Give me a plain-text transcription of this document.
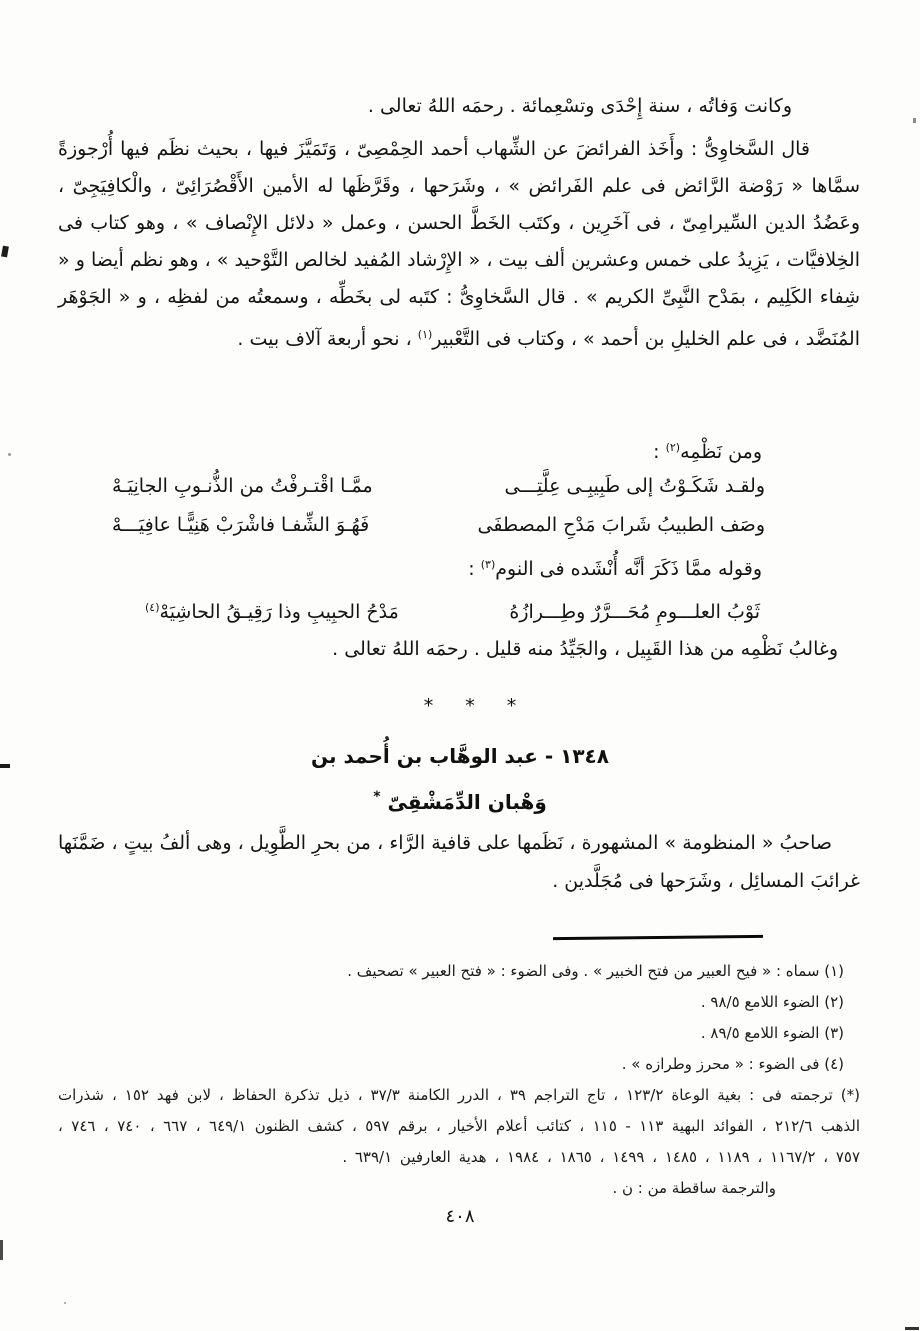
وكانت وَفاتُه ، سنة إِحْدَى وتسْعِمائة . رحمَه اللهُ تعالى .

قال السَّخاوِىُّ : وأَخَذ الفرائضَ عن الشِّهاب أحمد الحِمْصِىّ ، وَتَمَيَّزَ فيها ، بحيث نظَم فيها أُرْجوزةً سمَّاها « رَوْضة الرَّائض فى علم الفَرائض » ، وشَرَحها ، وقَرَّظَها له الأمين الأَقْصُرَائِىّ ، والْكافِيَجِىّ ، وعَضُدُ الدين السِّيرامِىّ ، فى آخَرِين ، وكتَب الخَطَّ الحسن ، وعمل « دلائل الإِنْصاف » ، وهو كتاب فى الخِلافيَّات ، يَزِيدُ على خمس وعشرين ألف بيت ، « الإِرْشاد المُفيد لخالص التَّوْحيد » ، وهو نظم أيضا و « شِفاء الكَلِيم ، بمَدْح النَّبِىِّ الكريم » . قال السَّخاوِىُّ : كتَبه لى بخَطِّه ، وسمعتُه من لفظِه ، و « الجَوْهَر المُنَضَّد ، فى علم الخليلِ بن أحمد » ، وكتاب فى التَّعْبير$^{(١)}$ ، نحو أربعة آلاف بيت .

ومن نَظْمِه$^{(٢)}$ :

ولقـد شَكَـوْتُ إلى طَبِيبِـى عِلَّتِـــى
ممَّـا اقْتـرفْتُ من الذُّنـوبِ الجانِيَـهْ
وصَف الطبيبُ شَرابَ مَدْحِ المصطفَى
فَهُـوَ الشِّفـا فاشْرَبْ هَنِيًّـا عافِيَـــهْ

وقوله ممَّا ذَكَرَ أنَّه أُنْشَده فى النوم$^{(٣)}$ :

ثَوْبُ العلـــومِ مُحَـــرَّرٌ وطِـــرازُهُ
مَدْحُ الحبِيبِ وذا رَقِيـقُ الحاشِيَهْ$^{(٤)}$

وغالبُ نَظْمِه من هذا القَبِيل ، والجَيِّدُ منه قليل . رحمَه اللهُ تعالى .

* * *
١٣٤٨ - عبد الوهَّاب بن أُحمد بن
وَهْبان الدِّمَشْقِىّ *

صاحبُ « المنظومة » المشهورة ، نَظَمها على قافية الرَّاء ، من بحرِ الطَّوِيل ، وهى ألفُ بيتٍ ، ضَمَّنَها غرائبَ المسائِل ، وشَرَحها فى مُجَلَّدين .

(١) سماه : « فيح العبير من فتح الخبير » . وفى الضوء : « فتح العبير » تصحيف .

(٢) الضوء اللامع ٩٨/٥ .

(٣) الضوء اللامع ٨٩/٥ .

(٤) فى الضوء : « محرز وطرازه » .

(*) ترجمته فى : بغية الوعاة ١٢٣/٢ ، تاج التراجم ٣٩ ، الدرر الكامنة ٣٧/٣ ، ذيل تذكرة الحفاظ ، لابن فهد ١٥٢ ، شذرات الذهب ٢١٢/٦ ، الفوائد البهية ١١٣ - ١١٥ ، كتائب أعلام الأخيار ، برقم ٥٩٧ ، كشف الظنون ٦٤٩/١ ، ٦٦٧ ، ٧٤٠ ، ٧٤٦ ، ٧٥٧ ، ١١٦٧/٢ ، ١١٨٩ ، ١٤٨٥ ، ١٤٩٩ ، ١٨٦٥ ، ١٩٨٤ ، هدية العارفين ٦٣٩/١ .

والترجمة ساقطة من : ن .

٤٠٨
